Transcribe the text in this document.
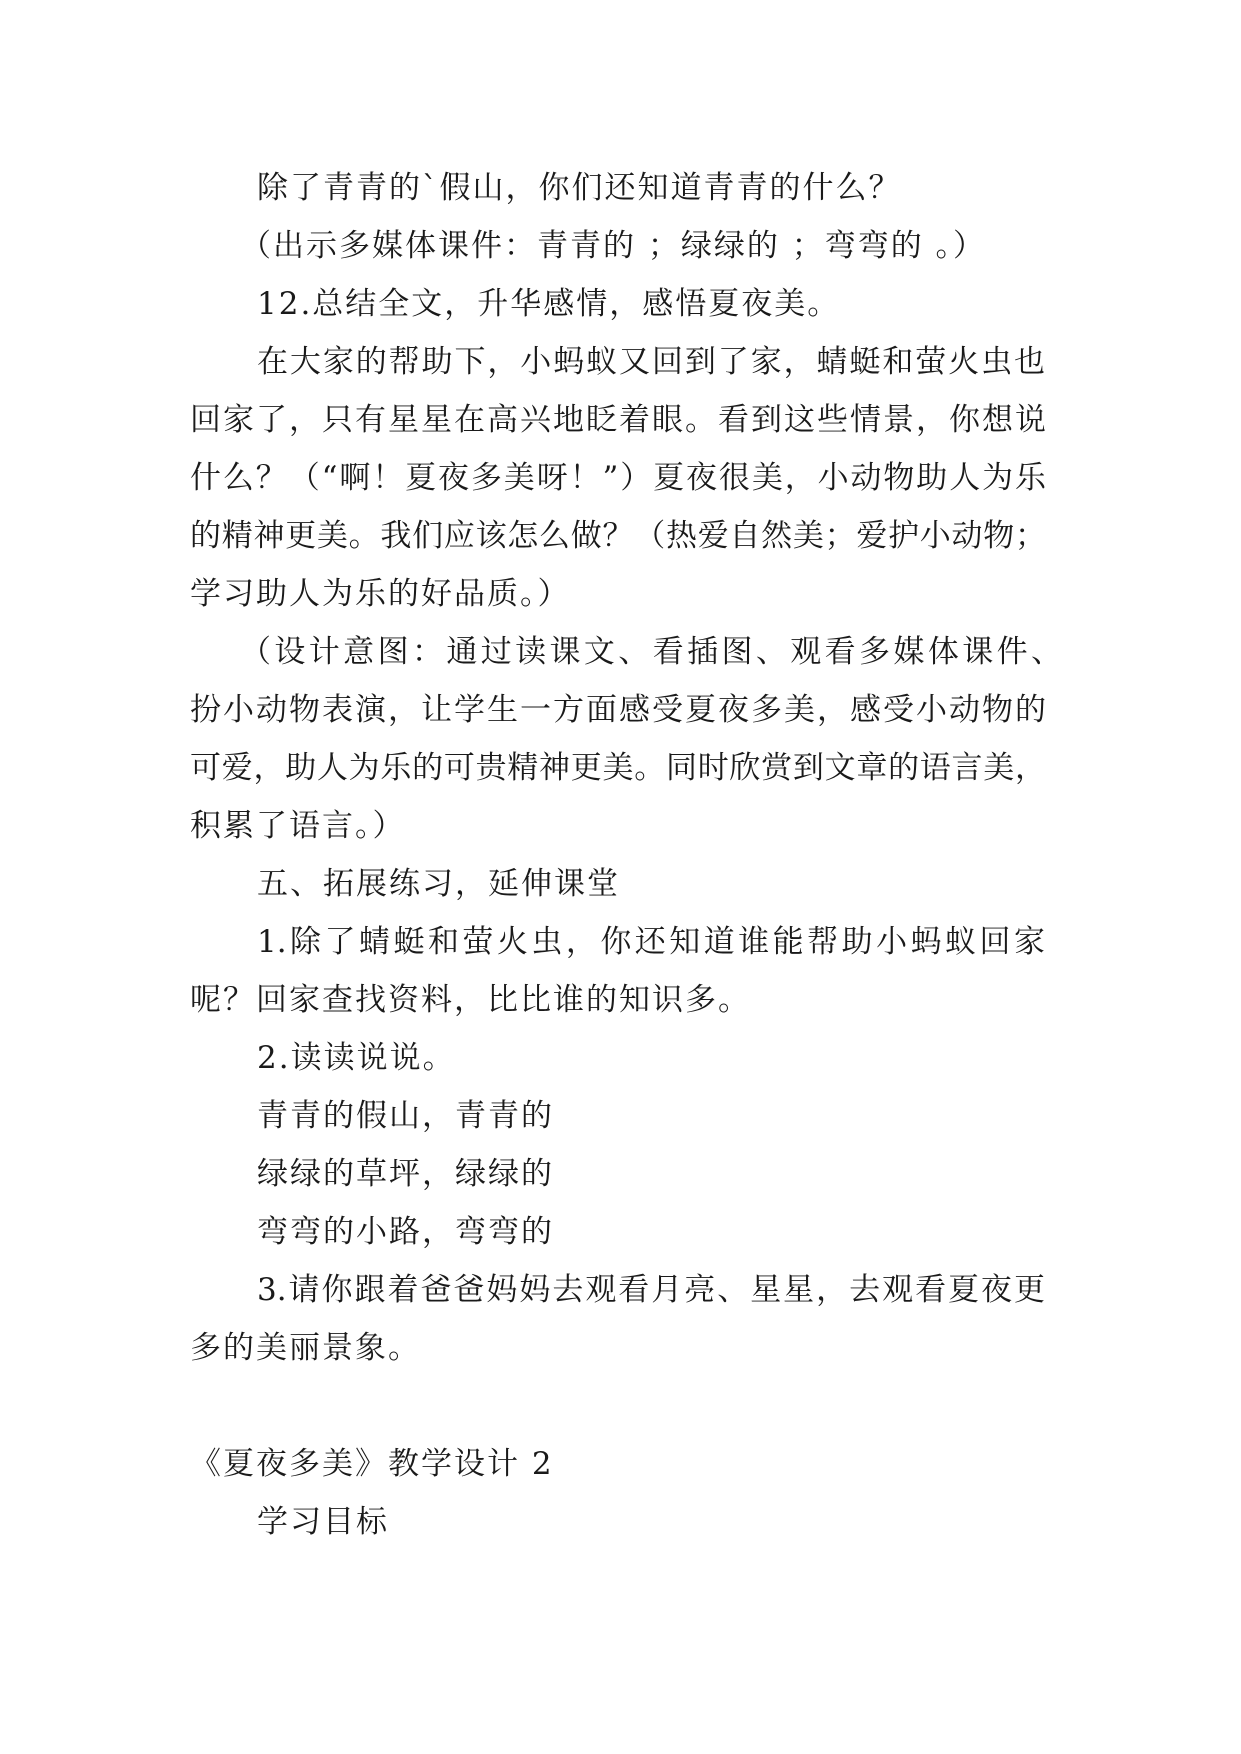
除了青青的`假山，你们还知道青青的什么？
（出示多媒体课件：青青的 ；绿绿的 ；弯弯的 。）
12.总结全文，升华感情，感悟夏夜美。
在大家的帮助下，小蚂蚁又回到了家，蜻蜓和萤火虫也
回家了，只有星星在高兴地眨着眼。看到这些情景，你想说
什么？（“啊！夏夜多美呀！”）夏夜很美，小动物助人为乐
的精神更美。我们应该怎么做？（热爱自然美；爱护小动物；
学习助人为乐的好品质。）
（设计意图：通过读课文、看插图、观看多媒体课件、
扮小动物表演，让学生一方面感受夏夜多美，感受小动物的
可爱，助人为乐的可贵精神更美。同时欣赏到文章的语言美，
积累了语言。）
五、拓展练习，延伸课堂
1.除了蜻蜓和萤火虫，你还知道谁能帮助小蚂蚁回家
呢？回家查找资料，比比谁的知识多。
2.读读说说。
青青的假山，青青的
绿绿的草坪，绿绿的
弯弯的小路，弯弯的
3.请你跟着爸爸妈妈去观看月亮、星星，去观看夏夜更
多的美丽景象。
《夏夜多美》教学设计 2
学习目标
